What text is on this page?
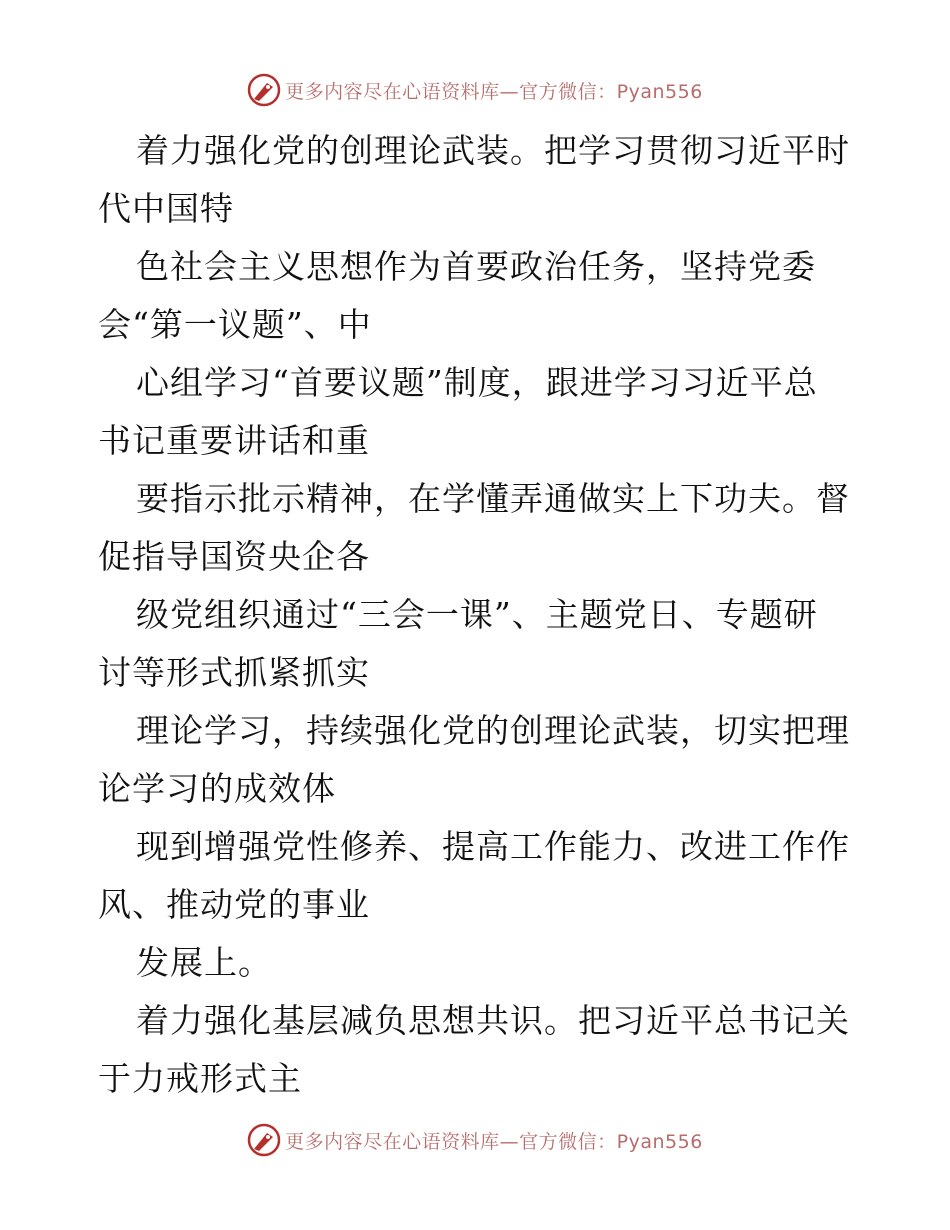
更多内容尽在心语资料库—官方微信：Pyan556
着力强化党的创理论武装。把学习贯彻习近平时
代中国特
色社会主义思想作为首要政治任务，坚持党委
会“第一议题”、中
心组学习“首要议题”制度，跟进学习习近平总
书记重要讲话和重
要指示批示精神，在学懂弄通做实上下功夫。督
促指导国资央企各
级党组织通过“三会一课”、主题党日、专题研
讨等形式抓紧抓实
理论学习，持续强化党的创理论武装，切实把理
论学习的成效体
现到增强党性修养、提高工作能力、改进工作作
风、推动党的事业
发展上。
着力强化基层减负思想共识。把习近平总书记关
于力戒形式主
更多内容尽在心语资料库—官方微信：Pyan556
